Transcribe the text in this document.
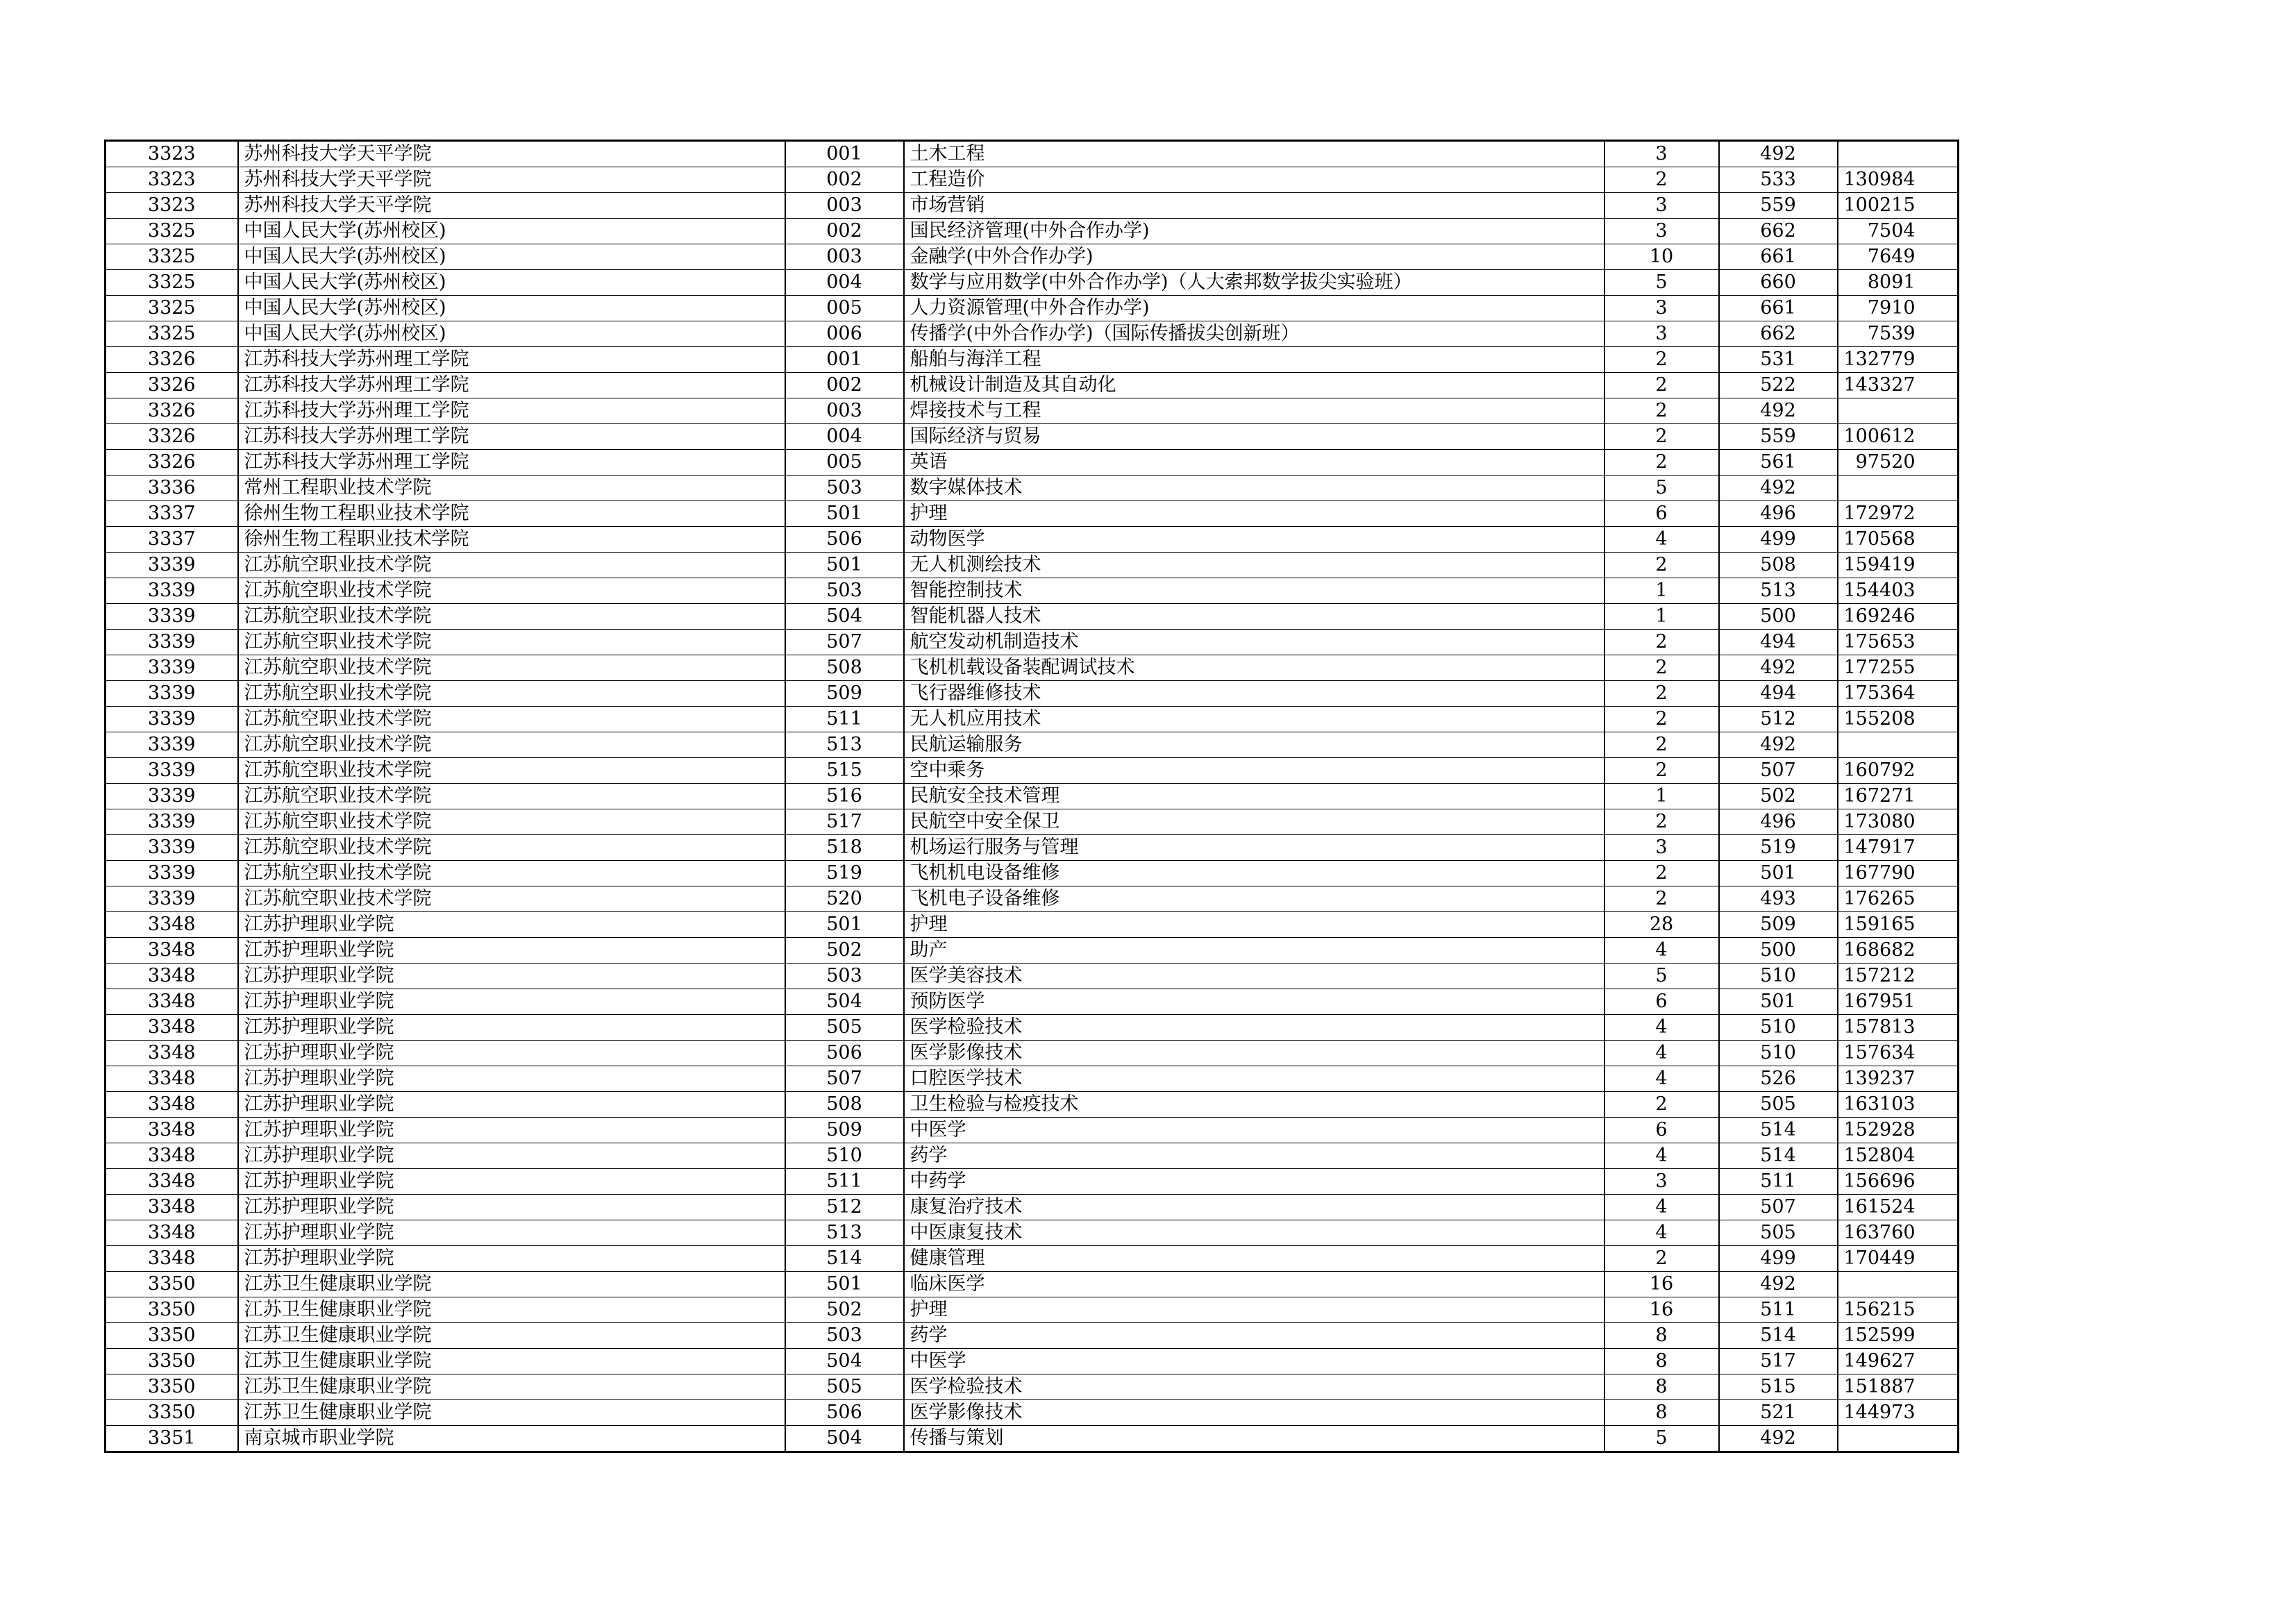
3323	苏州科技大学天平学院	001	土木工程	3	492	
3323	苏州科技大学天平学院	002	工程造价	2	533	130984
3323	苏州科技大学天平学院	003	市场营销	3	559	100215
3325	中国人民大学(苏州校区)	002	国民经济管理(中外合作办学)	3	662	7504
3325	中国人民大学(苏州校区)	003	金融学(中外合作办学)	10	661	7649
3325	中国人民大学(苏州校区)	004	数学与应用数学(中外合作办学)（人大索邦数学拔尖实验班）	5	660	8091
3325	中国人民大学(苏州校区)	005	人力资源管理(中外合作办学)	3	661	7910
3325	中国人民大学(苏州校区)	006	传播学(中外合作办学)（国际传播拔尖创新班）	3	662	7539
3326	江苏科技大学苏州理工学院	001	船舶与海洋工程	2	531	132779
3326	江苏科技大学苏州理工学院	002	机械设计制造及其自动化	2	522	143327
3326	江苏科技大学苏州理工学院	003	焊接技术与工程	2	492	
3326	江苏科技大学苏州理工学院	004	国际经济与贸易	2	559	100612
3326	江苏科技大学苏州理工学院	005	英语	2	561	97520
3336	常州工程职业技术学院	503	数字媒体技术	5	492	
3337	徐州生物工程职业技术学院	501	护理	6	496	172972
3337	徐州生物工程职业技术学院	506	动物医学	4	499	170568
3339	江苏航空职业技术学院	501	无人机测绘技术	2	508	159419
3339	江苏航空职业技术学院	503	智能控制技术	1	513	154403
3339	江苏航空职业技术学院	504	智能机器人技术	1	500	169246
3339	江苏航空职业技术学院	507	航空发动机制造技术	2	494	175653
3339	江苏航空职业技术学院	508	飞机机载设备装配调试技术	2	492	177255
3339	江苏航空职业技术学院	509	飞行器维修技术	2	494	175364
3339	江苏航空职业技术学院	511	无人机应用技术	2	512	155208
3339	江苏航空职业技术学院	513	民航运输服务	2	492	
3339	江苏航空职业技术学院	515	空中乘务	2	507	160792
3339	江苏航空职业技术学院	516	民航安全技术管理	1	502	167271
3339	江苏航空职业技术学院	517	民航空中安全保卫	2	496	173080
3339	江苏航空职业技术学院	518	机场运行服务与管理	3	519	147917
3339	江苏航空职业技术学院	519	飞机机电设备维修	2	501	167790
3339	江苏航空职业技术学院	520	飞机电子设备维修	2	493	176265
3348	江苏护理职业学院	501	护理	28	509	159165
3348	江苏护理职业学院	502	助产	4	500	168682
3348	江苏护理职业学院	503	医学美容技术	5	510	157212
3348	江苏护理职业学院	504	预防医学	6	501	167951
3348	江苏护理职业学院	505	医学检验技术	4	510	157813
3348	江苏护理职业学院	506	医学影像技术	4	510	157634
3348	江苏护理职业学院	507	口腔医学技术	4	526	139237
3348	江苏护理职业学院	508	卫生检验与检疫技术	2	505	163103
3348	江苏护理职业学院	509	中医学	6	514	152928
3348	江苏护理职业学院	510	药学	4	514	152804
3348	江苏护理职业学院	511	中药学	3	511	156696
3348	江苏护理职业学院	512	康复治疗技术	4	507	161524
3348	江苏护理职业学院	513	中医康复技术	4	505	163760
3348	江苏护理职业学院	514	健康管理	2	499	170449
3350	江苏卫生健康职业学院	501	临床医学	16	492	
3350	江苏卫生健康职业学院	502	护理	16	511	156215
3350	江苏卫生健康职业学院	503	药学	8	514	152599
3350	江苏卫生健康职业学院	504	中医学	8	517	149627
3350	江苏卫生健康职业学院	505	医学检验技术	8	515	151887
3350	江苏卫生健康职业学院	506	医学影像技术	8	521	144973
3351	南京城市职业学院	504	传播与策划	5	492	
